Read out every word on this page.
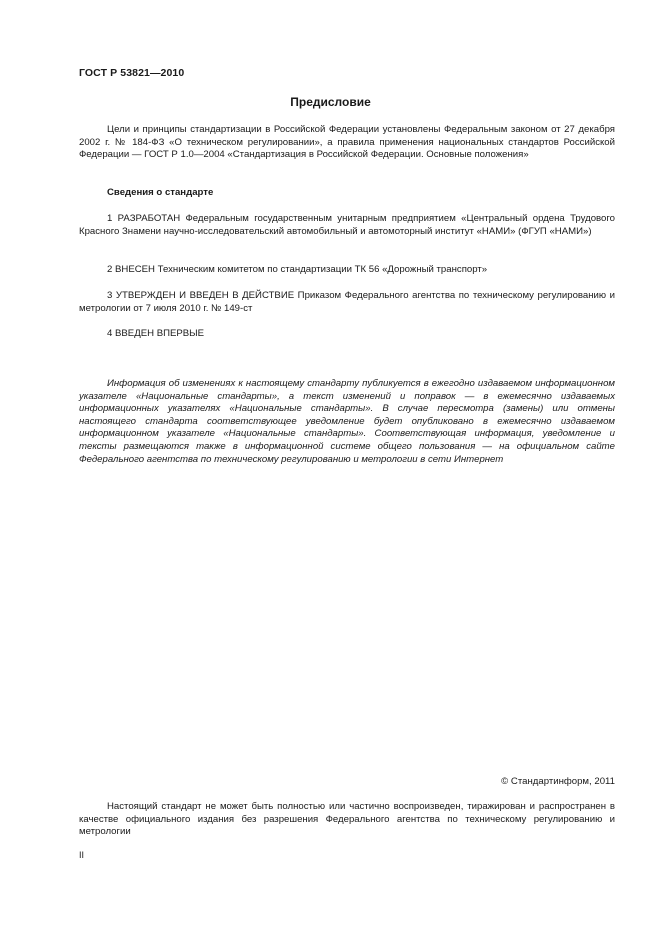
ГОСТ Р 53821—2010
Предисловие
Цели и принципы стандартизации в Российской Федерации установлены Федеральным законом от 27 декабря 2002 г. № 184-ФЗ «О техническом регулировании», а правила применения национальных стандартов Российской Федерации — ГОСТ Р 1.0—2004 «Стандартизация в Российской Федерации. Основные положения»
Сведения о стандарте
1 РАЗРАБОТАН Федеральным государственным унитарным предприятием «Центральный ордена Трудового Красного Знамени научно-исследовательский автомобильный и автомоторный институт «НАМИ» (ФГУП «НАМИ»)
2 ВНЕСЕН Техническим комитетом по стандартизации ТК 56 «Дорожный транспорт»
3 УТВЕРЖДЕН И ВВЕДЕН В ДЕЙСТВИЕ Приказом Федерального агентства по техническому регулированию и метрологии от 7 июля 2010 г. № 149-ст
4 ВВЕДЕН ВПЕРВЫЕ
Информация об изменениях к настоящему стандарту публикуется в ежегодно издаваемом информационном указателе «Национальные стандарты», а текст изменений и поправок — в ежемесячно издаваемых информационных указателях «Национальные стандарты». В случае пересмотра (замены) или отмены настоящего стандарта соответствующее уведомление будет опубликовано в ежемесячно издаваемом информационном указателе «Национальные стандарты». Соответствующая информация, уведомление и тексты размещаются также в информационной системе общего пользования — на официальном сайте Федерального агентства по техническому регулированию и метрологии в сети Интернет
© Стандартинформ, 2011
Настоящий стандарт не может быть полностью или частично воспроизведен, тиражирован и распространен в качестве официального издания без разрешения Федерального агентства по техническому регулированию и метрологии
II
